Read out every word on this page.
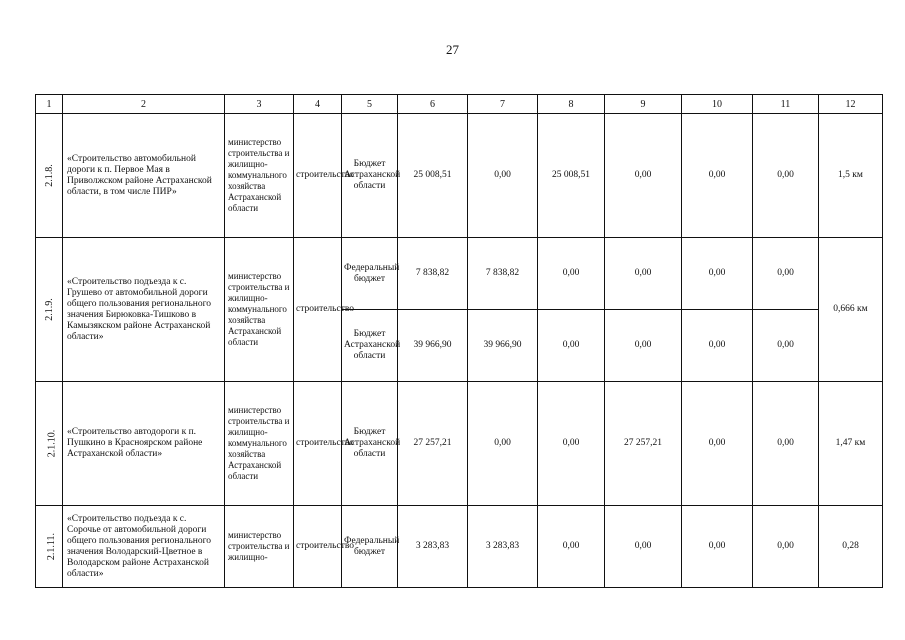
27
1	2	3	4	5	6	7	8	9	10	11	12
2.1.8.	«Строительство автомобильной дороги к п. Первое Мая в Приволжском районе Астраханской области, в том числе ПИР»	министерство строительства и жилищно-коммунального хозяйства Астраханской области	строительство	Бюджет Астраханской области	25 008,51	0,00	25 008,51	0,00	0,00	0,00	1,5 км
2.1.9.	«Строительство подъезда к с. Грушево от автомобильной дороги общего пользования регионального значения Бирюковка-Тишково в Камызякском районе Астраханской области»	министерство строительства и жилищно-коммунального хозяйства Астраханской области	строительство	Федеральный бюджет	7 838,82	7 838,82	0,00	0,00	0,00	0,00	0,666 км
				Бюджет Астраханской области	39 966,90	39 966,90	0,00	0,00	0,00	0,00	
2.1.10.	«Строительство автодороги к п. Пушкино в Красноярском районе Астраханской области»	министерство строительства и жилищно-коммунального хозяйства Астраханской области	строительство	Бюджет Астраханской области	27 257,21	0,00	0,00	27 257,21	0,00	0,00	1,47 км
2.1.11.	«Строительство подъезда к с. Сорочье от автомобильной дороги общего пользования регионального значения Володарский-Цветное в Володарском районе Астраханской области»	министерство строительства и жилищно-	строительство	Федеральный бюджет	3 283,83	3 283,83	0,00	0,00	0,00	0,00	0,28
